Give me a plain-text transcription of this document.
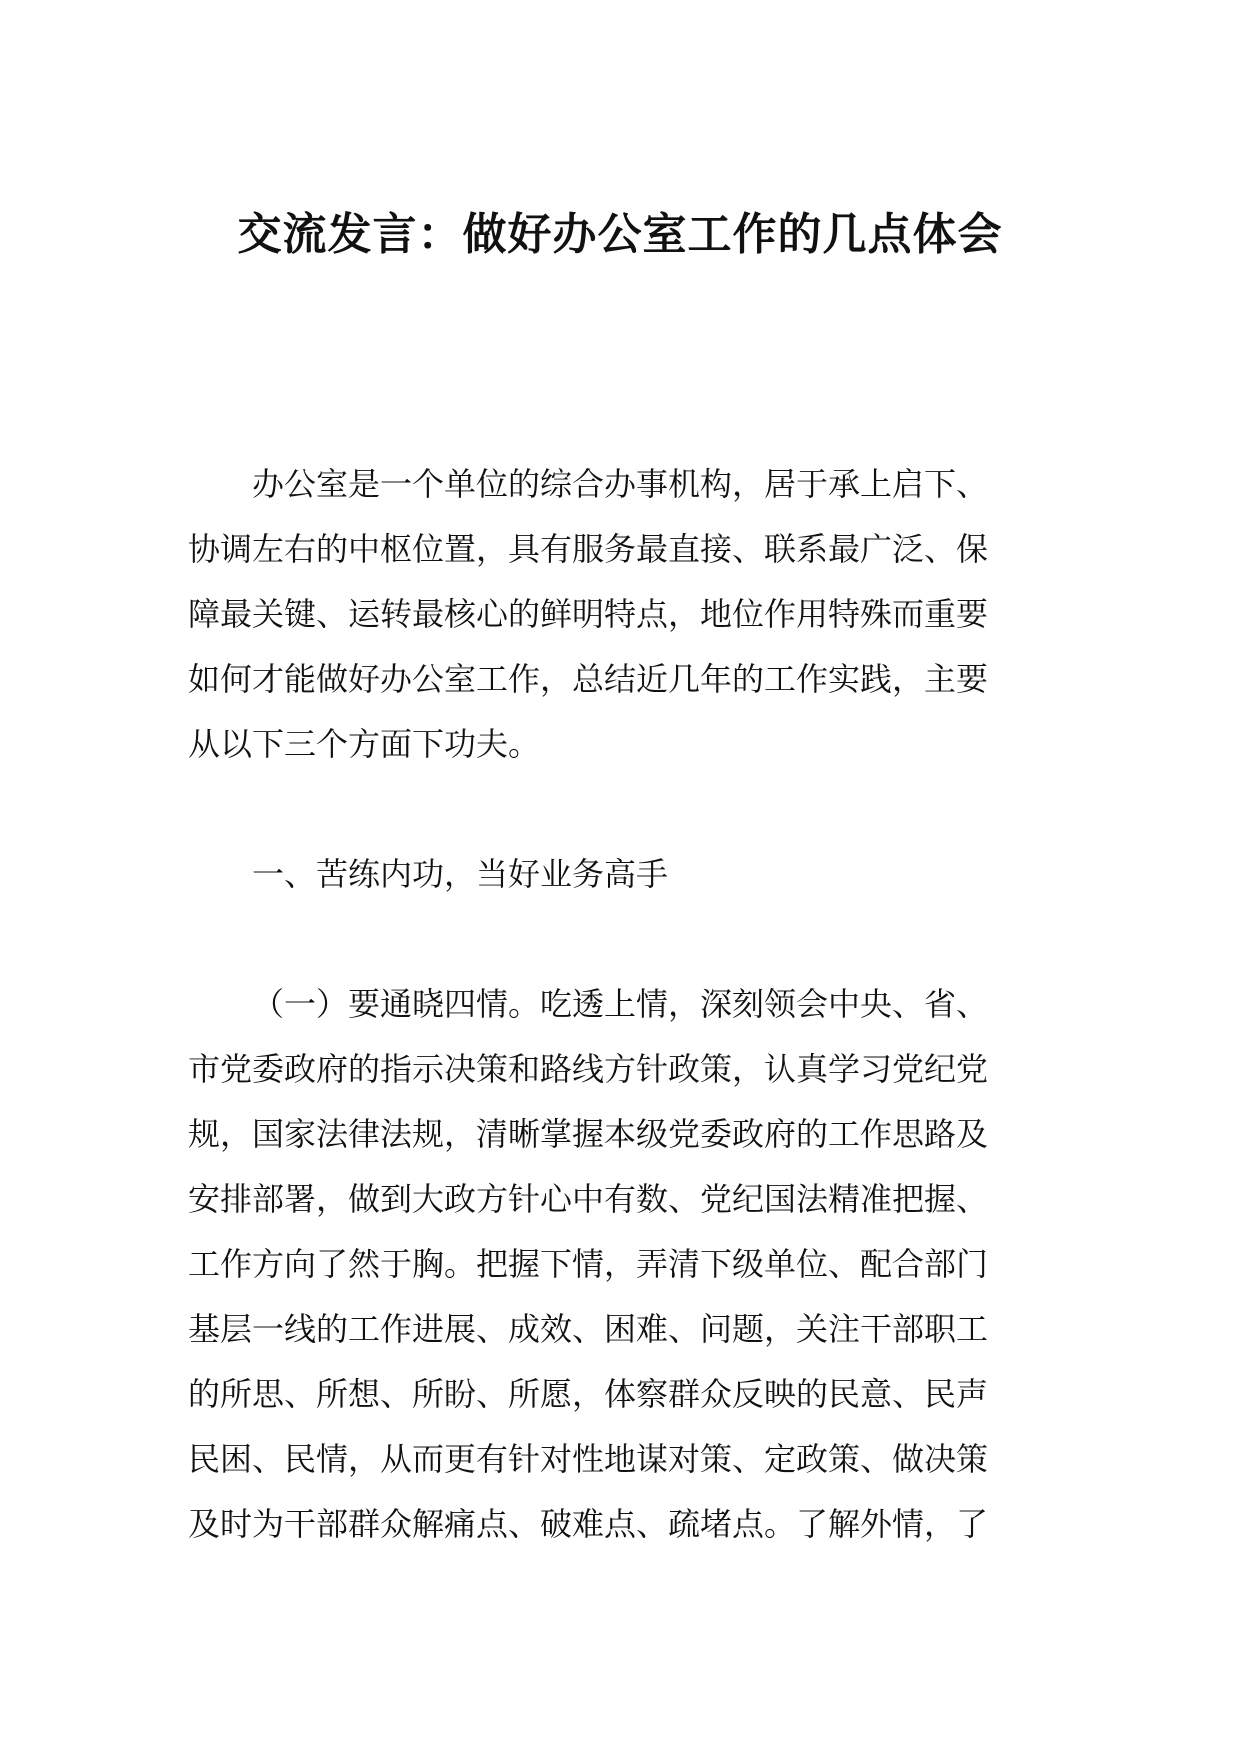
交流发言：做好办公室工作的几点体会

办公室是一个单位的综合办事机构，居于承上启下、

协调左右的中枢位置，具有服务最直接、联系最广泛、保

障最关键、运转最核心的鲜明特点，地位作用特殊而重要

如何才能做好办公室工作，总结近几年的工作实践，主要

从以下三个方面下功夫。

一、苦练内功，当好业务高手

（一）要通晓四情。吃透上情，深刻领会中央、省、

市党委政府的指示决策和路线方针政策，认真学习党纪党

规，国家法律法规，清晰掌握本级党委政府的工作思路及

安排部署，做到大政方针心中有数、党纪国法精准把握、

工作方向了然于胸。把握下情，弄清下级单位、配合部门

基层一线的工作进展、成效、困难、问题，关注干部职工

的所思、所想、所盼、所愿，体察群众反映的民意、民声

民困、民情，从而更有针对性地谋对策、定政策、做决策

及时为干部群众解痛点、破难点、疏堵点。了解外情，了
